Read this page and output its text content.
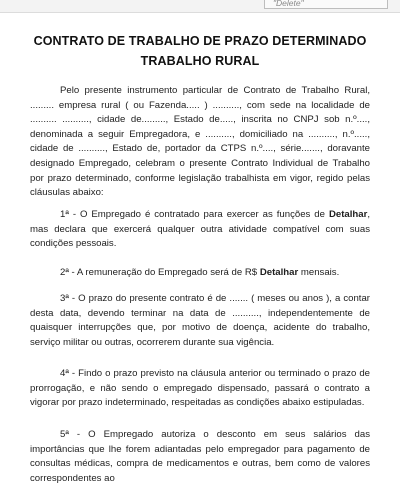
"Delete"
CONTRATO DE TRABALHO DE PRAZO DETERMINADO
TRABALHO RURAL
Pelo presente instrumento particular de Contrato de Trabalho Rural, ......... empresa rural ( ou Fazenda..... ) .........., com sede na localidade de .......... .........., cidade de........., Estado de....., inscrita no CNPJ sob n.º...., denominada a seguir Empregadora, e .........., domiciliado na .........., n.º....., cidade de .........., Estado de, portador da CTPS n.º...., série......., doravante designado Empregado, celebram o presente Contrato Individual de Trabalho por prazo determinado, conforme legislação trabalhista em vigor, regido pelas cláusulas abaixo:
1ª - O Empregado é contratado para exercer as funções de Detalhar, mas declara que exercerá qualquer outra atividade compatível com suas condições pessoais.
2ª - A remuneração do Empregado será de R$ Detalhar mensais.
3ª - O prazo do presente contrato é de ....... ( meses ou anos ), a contar desta data, devendo terminar na data de .........., independentemente de quaisquer interrupções que, por motivo de doença, acidente do trabalho, serviço militar ou outras, ocorrerem durante sua vigência.
4ª - Findo o prazo previsto na cláusula anterior ou terminado o prazo de prorrogação, e não sendo o empregado dispensado, passará o contrato a vigorar por prazo indeterminado, respeitadas as condições abaixo estipuladas.
5ª - O Empregado autoriza o desconto em seus salários das importâncias que lhe forem adiantadas pelo empregador para pagamento de consultas médicas, compra de medicamentos e outras, bem como de valores correspondentes ao
